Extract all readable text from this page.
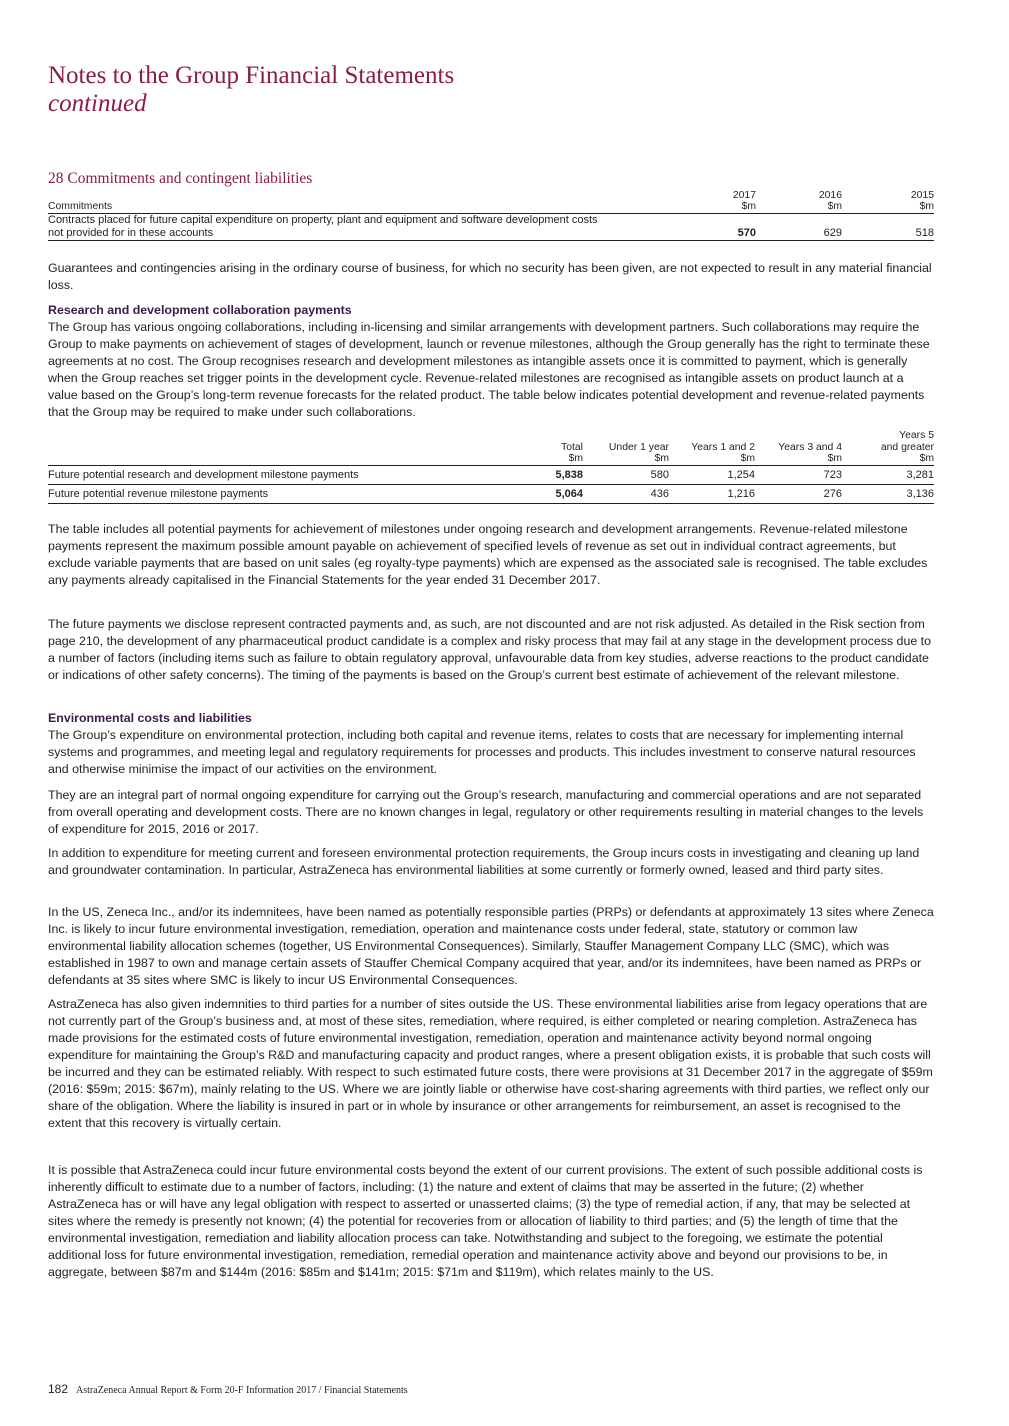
Notes to the Group Financial Statements
continued
28 Commitments and contingent liabilities
	2017	2016	2015
Commitments	$m	$m	$m
Contracts placed for future capital expenditure on property, plant and equipment and software development costs			
not provided for in these accounts	570	629	518

Guarantees and contingencies arising in the ordinary course of business, for which no security has been given, are not expected to result in any material financial loss.

Research and development collaboration payments

The Group has various ongoing collaborations, including in-licensing and similar arrangements with development partners. Such collaborations may require the Group to make payments on achievement of stages of development, launch or revenue milestones, although the Group generally has the right to terminate these agreements at no cost. The Group recognises research and development milestones as intangible assets once it is committed to payment, which is generally when the Group reaches set trigger points in the development cycle. Revenue-related milestones are recognised as intangible assets on product launch at a value based on the Group’s long-term revenue forecasts for the related product. The table below indicates potential development and revenue-related payments that the Group may be required to make under such collaborations.

					Years 5
	Total	Under 1 year	Years 1 and 2	Years 3 and 4	and greater
	$m	$m	$m	$m	$m
Future potential research and development milestone payments	5,838	580	1,254	723	3,281
Future potential revenue milestone payments	5,064	436	1,216	276	3,136

The table includes all potential payments for achievement of milestones under ongoing research and development arrangements. Revenue-related milestone payments represent the maximum possible amount payable on achievement of specified levels of revenue as set out in individual contract agreements, but exclude variable payments that are based on unit sales (eg royalty-type payments) which are expensed as the associated sale is recognised. The table excludes any payments already capitalised in the Financial Statements for the year ended 31 December 2017.

The future payments we disclose represent contracted payments and, as such, are not discounted and are not risk adjusted. As detailed in the Risk section from page 210, the development of any pharmaceutical product candidate is a complex and risky process that may fail at any stage in the development process due to a number of factors (including items such as failure to obtain regulatory approval, unfavourable data from key studies, adverse reactions to the product candidate or indications of other safety concerns). The timing of the payments is based on the Group’s current best estimate of achievement of the relevant milestone.

Environmental costs and liabilities

The Group’s expenditure on environmental protection, including both capital and revenue items, relates to costs that are necessary for implementing internal systems and programmes, and meeting legal and regulatory requirements for processes and products. This includes investment to conserve natural resources and otherwise minimise the impact of our activities on the environment.

They are an integral part of normal ongoing expenditure for carrying out the Group’s research, manufacturing and commercial operations and are not separated from overall operating and development costs. There are no known changes in legal, regulatory or other requirements resulting in material changes to the levels of expenditure for 2015, 2016 or 2017.

In addition to expenditure for meeting current and foreseen environmental protection requirements, the Group incurs costs in investigating and cleaning up land and groundwater contamination. In particular, AstraZeneca has environmental liabilities at some currently or formerly owned, leased and third party sites.

In the US, Zeneca Inc., and/or its indemnitees, have been named as potentially responsible parties (PRPs) or defendants at approximately 13 sites where Zeneca Inc. is likely to incur future environmental investigation, remediation, operation and maintenance costs under federal, state, statutory or common law environmental liability allocation schemes (together, US Environmental Consequences). Similarly, Stauffer Management Company LLC (SMC), which was established in 1987 to own and manage certain assets of Stauffer Chemical Company acquired that year, and/or its indemnitees, have been named as PRPs or defendants at 35 sites where SMC is likely to incur US Environmental Consequences.

AstraZeneca has also given indemnities to third parties for a number of sites outside the US. These environmental liabilities arise from legacy operations that are not currently part of the Group’s business and, at most of these sites, remediation, where required, is either completed or nearing completion. AstraZeneca has made provisions for the estimated costs of future environmental investigation, remediation, operation and maintenance activity beyond normal ongoing expenditure for maintaining the Group’s R&D and manufacturing capacity and product ranges, where a present obligation exists, it is probable that such costs will be incurred and they can be estimated reliably. With respect to such estimated future costs, there were provisions at 31 December 2017 in the aggregate of $59m (2016: $59m; 2015: $67m), mainly relating to the US. Where we are jointly liable or otherwise have cost-sharing agreements with third parties, we reflect only our share of the obligation. Where the liability is insured in part or in whole by insurance or other arrangements for reimbursement, an asset is recognised to the extent that this recovery is virtually certain.

It is possible that AstraZeneca could incur future environmental costs beyond the extent of our current provisions. The extent of such possible additional costs is inherently difficult to estimate due to a number of factors, including: (1) the nature and extent of claims that may be asserted in the future; (2) whether AstraZeneca has or will have any legal obligation with respect to asserted or unasserted claims; (3) the type of remedial action, if any, that may be selected at sites where the remedy is presently not known; (4) the potential for recoveries from or allocation of liability to third parties; and (5) the length of time that the environmental investigation, remediation and liability allocation process can take. Notwithstanding and subject to the foregoing, we estimate the potential additional loss for future environmental investigation, remediation, remedial operation and maintenance activity above and beyond our provisions to be, in aggregate, between $87m and $144m (2016: $85m and $141m; 2015: $71m and $119m), which relates mainly to the US.

182 AstraZeneca Annual Report & Form 20-F Information 2017 / Financial Statements
